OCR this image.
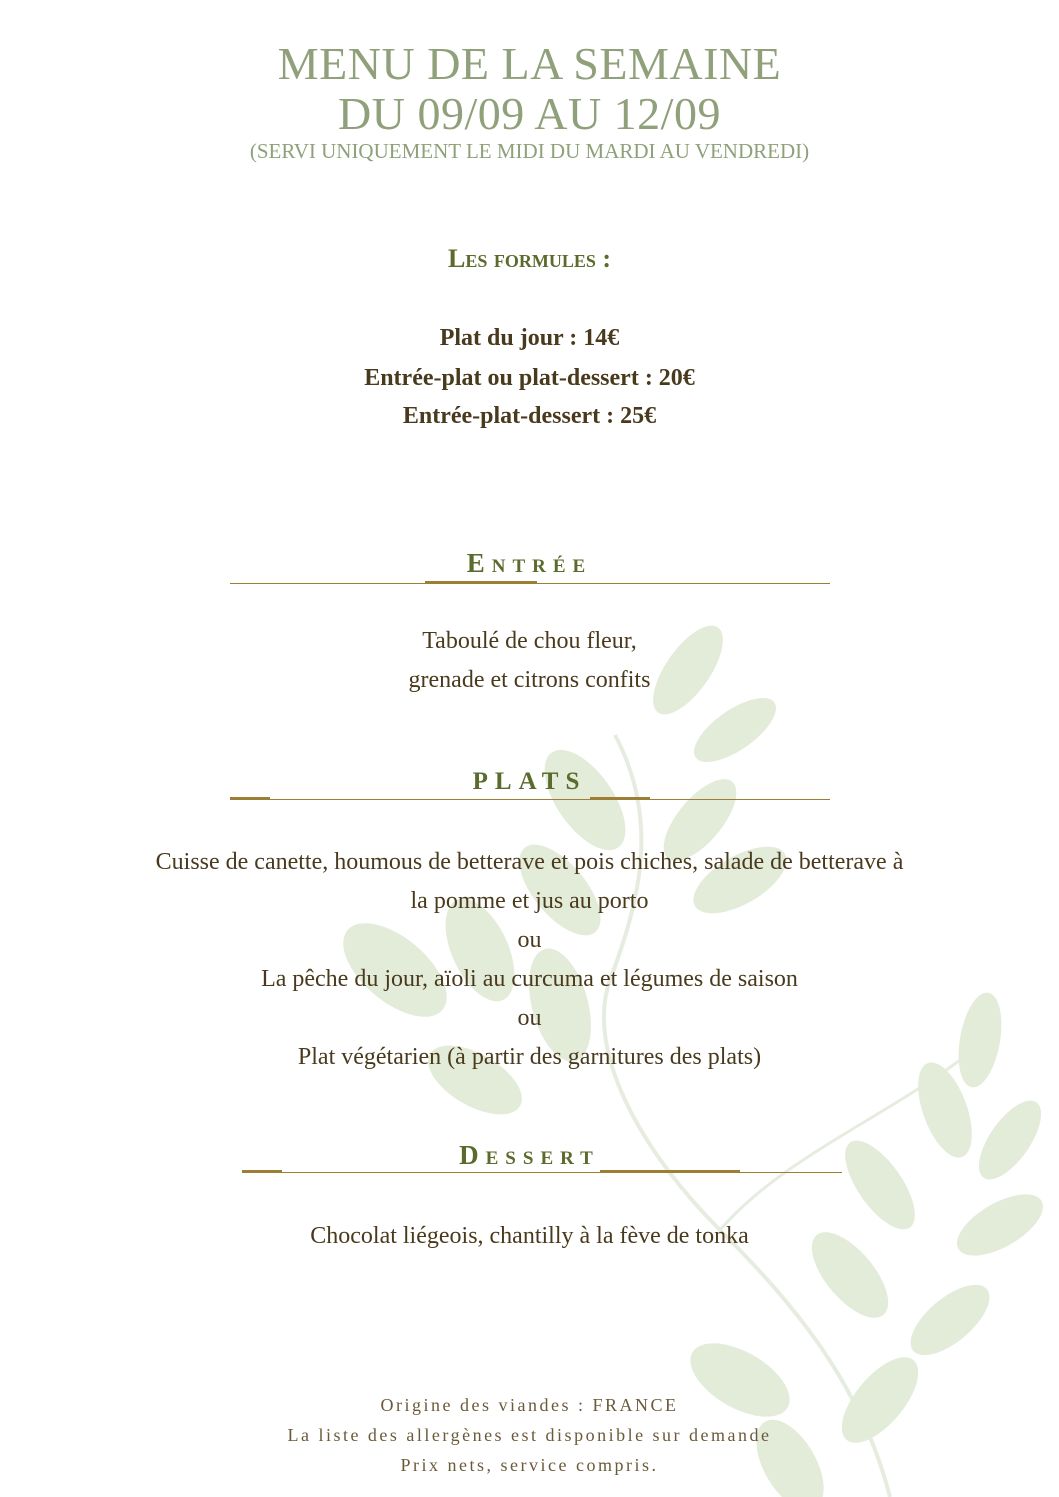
MENU DE LA SEMAINE
DU 09/09 AU 12/09
(SERVI UNIQUEMENT LE MIDI DU MARDI AU VENDREDI)
Les formules :
Plat du jour : 14€
Entrée-plat ou plat-dessert : 20€
Entrée-plat-dessert : 25€
Entrée
Taboulé de chou fleur,
grenade et citrons confits
PLATS
Cuisse de canette, houmous de betterave et pois chiches, salade de betterave à
la pomme et jus au porto
ou
La pêche du jour, aïoli au curcuma et légumes de saison
ou
Plat végétarien (à partir des garnitures des plats)
Dessert
Chocolat liégeois, chantilly à la fève de tonka
Origine des viandes : FRANCE
La liste des allergènes est disponible sur demande
Prix nets, service compris.
